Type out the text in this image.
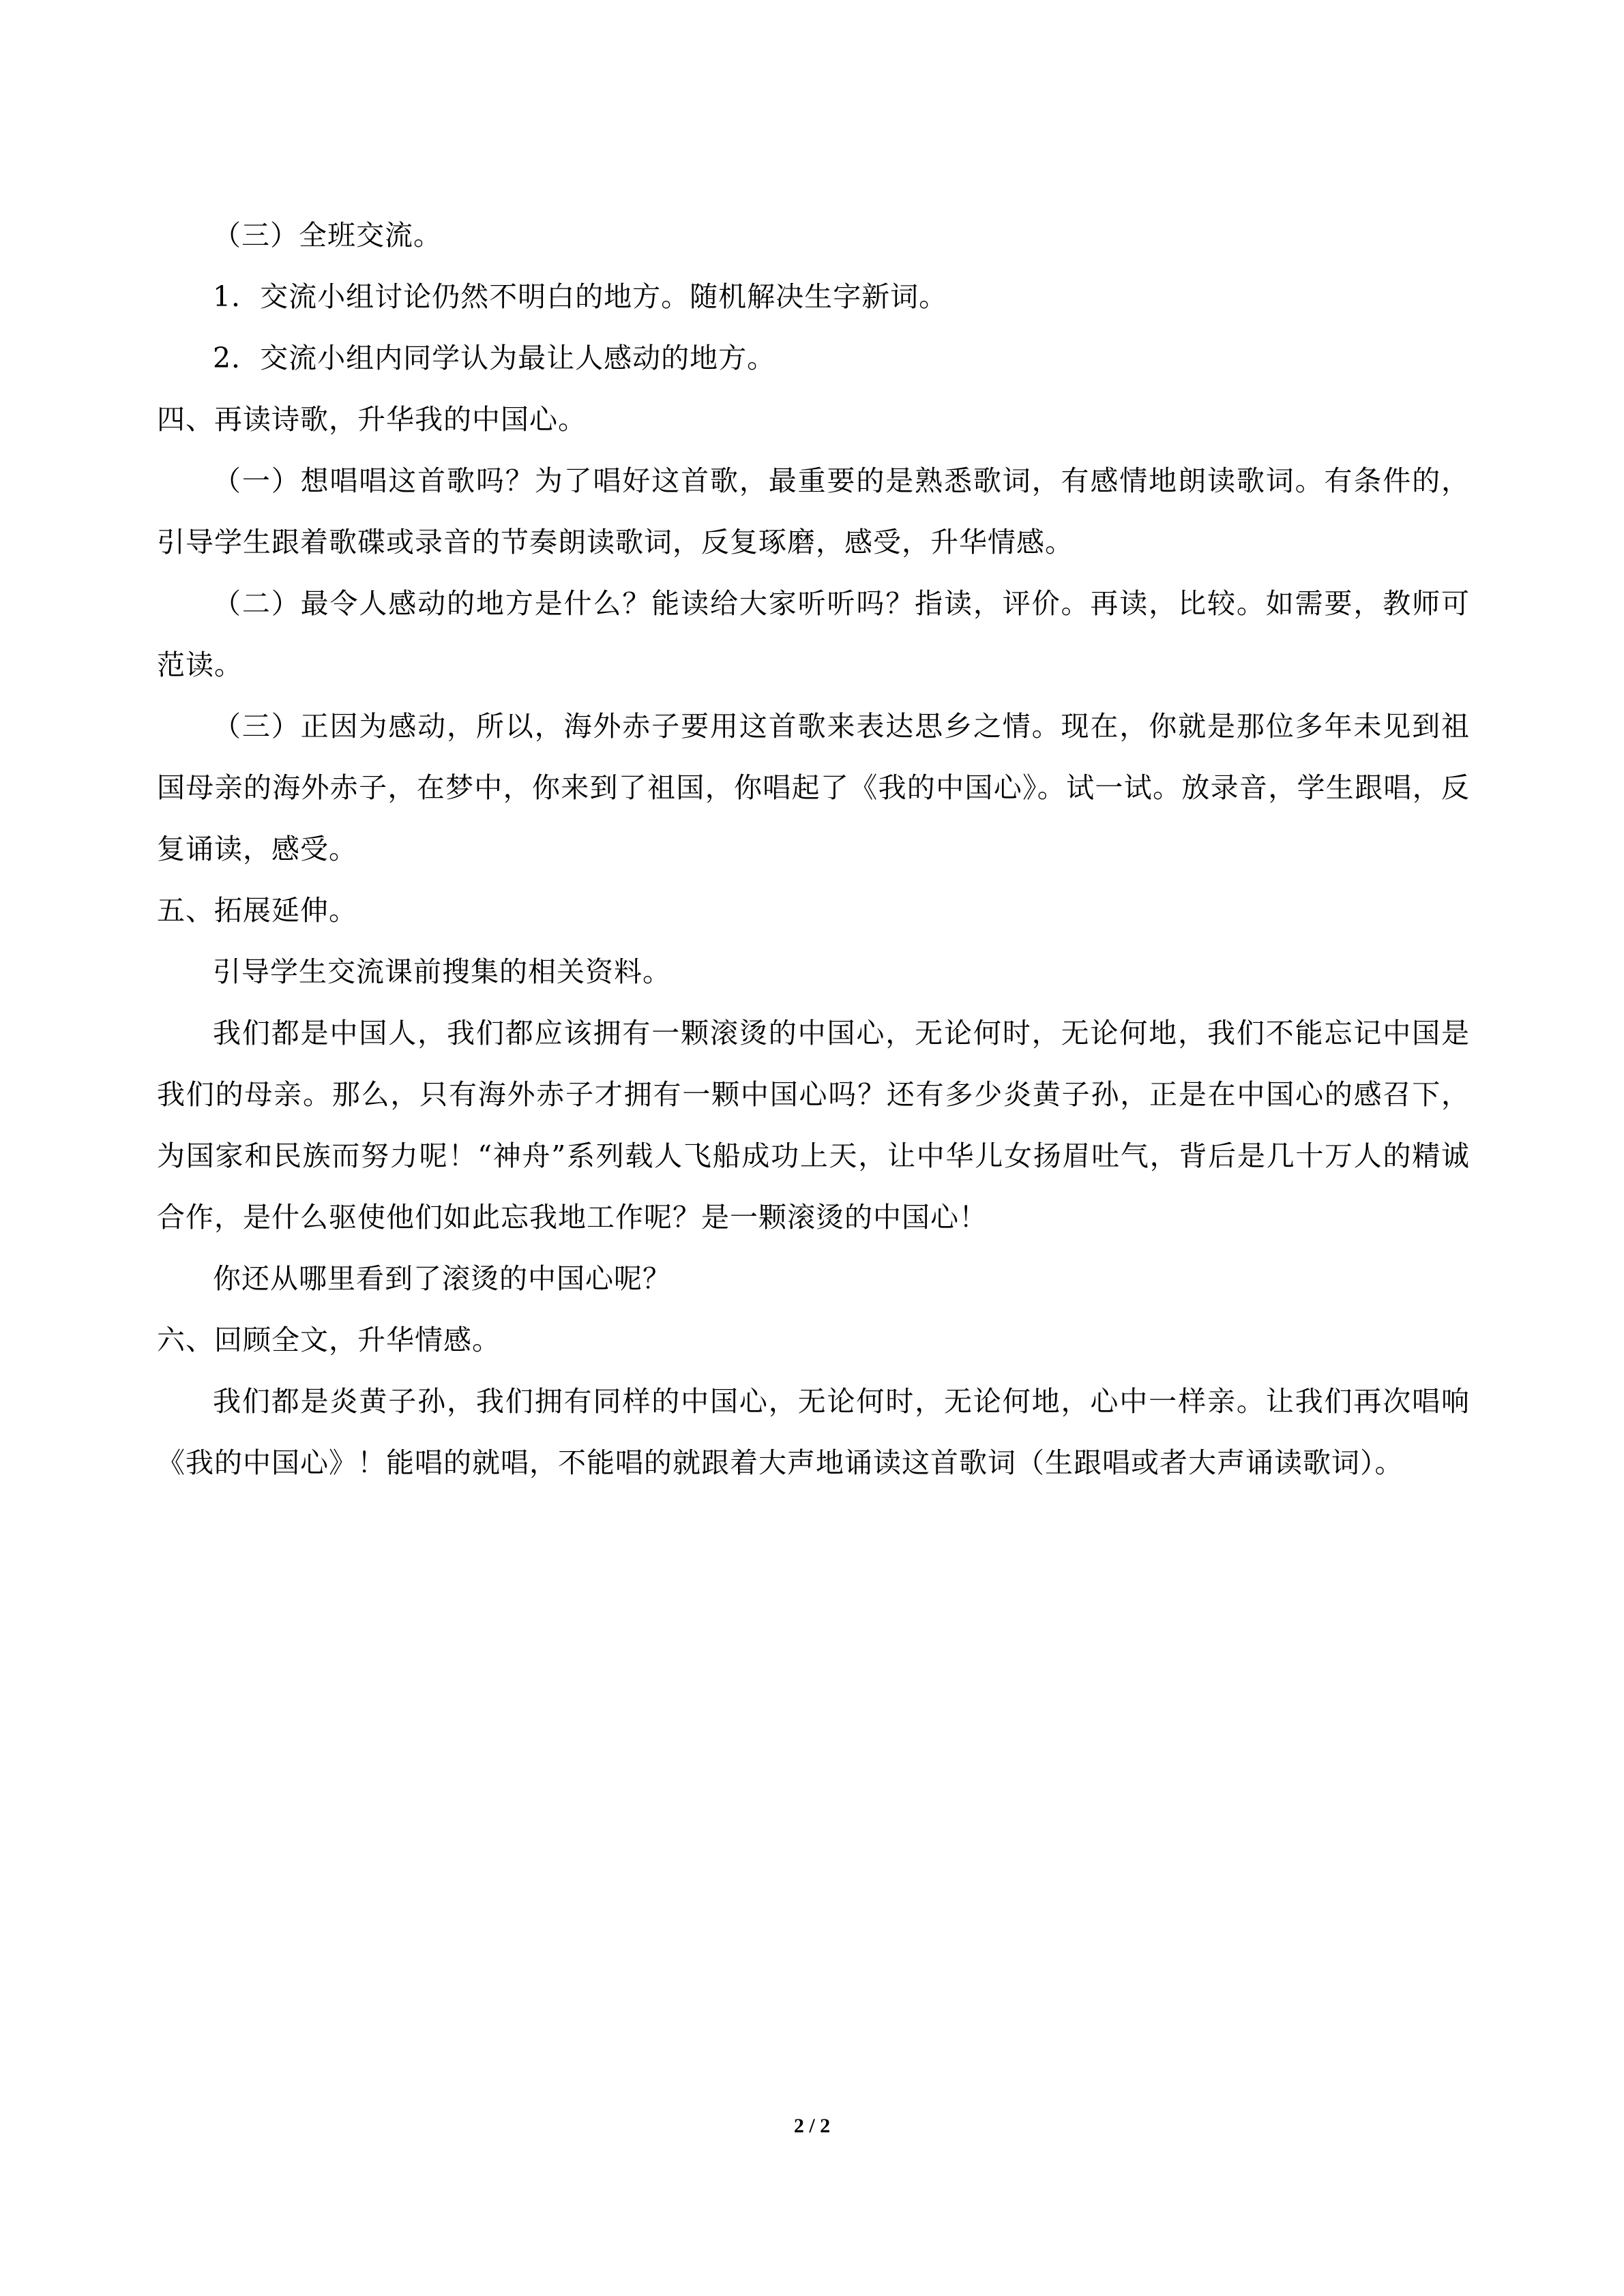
（三）全班交流。

1．交流小组讨论仍然不明白的地方。随机解决生字新词。

2．交流小组内同学认为最让人感动的地方。

四、再读诗歌，升华我的中国心。

（一）想唱唱这首歌吗？为了唱好这首歌，最重要的是熟悉歌词，有感情地朗读歌词。有条件的，引导学生跟着歌碟或录音的节奏朗读歌词，反复琢磨，感受，升华情感。

（二）最令人感动的地方是什么？能读给大家听听吗？指读，评价。再读，比较。如需要，教师可范读。

（三）正因为感动，所以，海外赤子要用这首歌来表达思乡之情。现在，你就是那位多年未见到祖国母亲的海外赤子，在梦中，你来到了祖国，你唱起了《我的中国心》。试一试。放录音，学生跟唱，反复诵读，感受。

五、拓展延伸。

引导学生交流课前搜集的相关资料。

我们都是中国人，我们都应该拥有一颗滚烫的中国心，无论何时，无论何地，我们不能忘记中国是我们的母亲。那么，只有海外赤子才拥有一颗中国心吗？还有多少炎黄子孙，正是在中国心的感召下，为国家和民族而努力呢！“神舟”系列载人飞船成功上天，让中华儿女扬眉吐气，背后是几十万人的精诚合作，是什么驱使他们如此忘我地工作呢？是一颗滚烫的中国心！

你还从哪里看到了滚烫的中国心呢？

六、回顾全文，升华情感。

我们都是炎黄子孙，我们拥有同样的中国心，无论何时，无论何地，心中一样亲。让我们再次唱响《我的中国心》！能唱的就唱，不能唱的就跟着大声地诵读这首歌词（生跟唱或者大声诵读歌词）。

2 / 2
